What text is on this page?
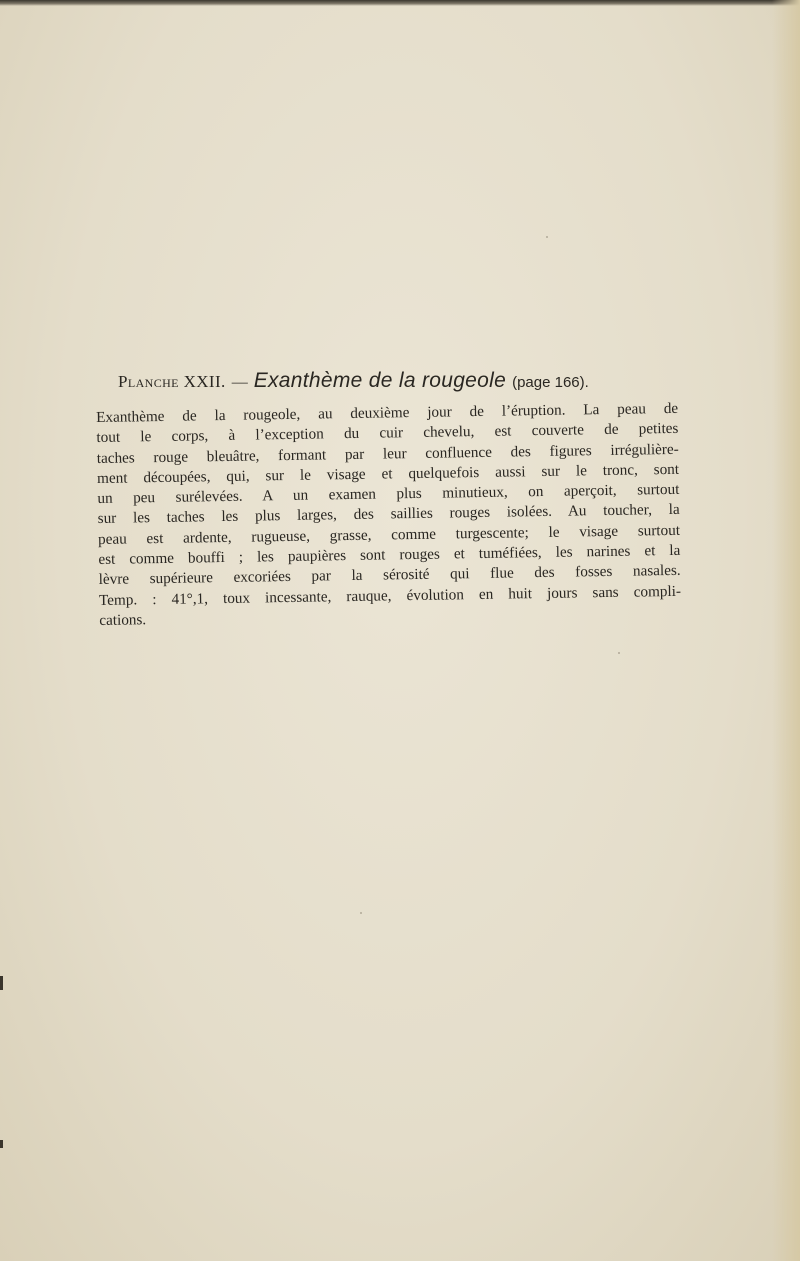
Planche XXII. — Exanthème de la rougeole (page 166).
Exanthème de la rougeole, au deuxième jour de l’éruption. La peau de
tout le corps, à l’exception du cuir chevelu, est couverte de petites
taches rouge bleuâtre, formant par leur confluence des figures irrégulière-
ment découpées, qui, sur le visage et quelquefois aussi sur le tronc, sont
un peu surélevées. A un examen plus minutieux, on aperçoit, surtout
sur les taches les plus larges, des saillies rouges isolées. Au toucher, la
peau est ardente, rugueuse, grasse, comme turgescente; le visage surtout
est comme bouffi ; les paupières sont rouges et tuméfiées, les narines et la
lèvre supérieure excoriées par la sérosité qui flue des fosses nasales.
Temp. : 41°,1, toux incessante, rauque, évolution en huit jours sans compli-
cations.
